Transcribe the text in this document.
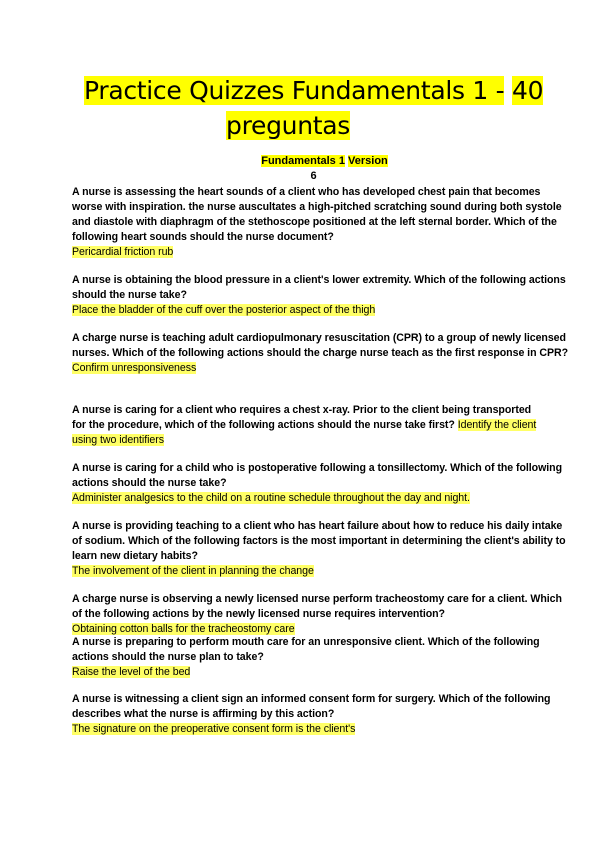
Practice Quizzes Fundamentals 1 - 40
preguntas
Fundamentals 1 Version
6
A nurse is assessing the heart sounds of a client who has developed chest pain that becomes worse with inspiration. the nurse auscultates a high-pitched scratching sound during both systole and diastole with diaphragm of the stethoscope positioned at the left sternal border. Which of the following heart sounds should the nurse document?
Pericardial friction rub
A nurse is obtaining the blood pressure in a client's lower extremity. Which of the following actions should the nurse take?
Place the bladder of the cuff over the posterior aspect of the thigh
A charge nurse is teaching adult cardiopulmonary resuscitation (CPR) to a group of newly licensed nurses. Which of the following actions should the charge nurse teach as the first response in CPR?
Confirm unresponsiveness
A nurse is caring for a client who requires a chest x-ray. Prior to the client being transported for the procedure, which of the following actions should the nurse take first? Identify the client using two identifiers
A nurse is caring for a child who is postoperative following a tonsillectomy. Which of the following actions should the nurse take?
Administer analgesics to the child on a routine schedule throughout the day and night.
A nurse is providing teaching to a client who has heart failure about how to reduce his daily intake of sodium. Which of the following factors is the most important in determining the client's ability to learn new dietary habits?
The involvement of the client in planning the change
A charge nurse is observing a newly licensed nurse perform tracheostomy care for a client. Which of the following actions by the newly licensed nurse requires intervention?
Obtaining cotton balls for the tracheostomy care
A nurse is preparing to perform mouth care for an unresponsive client. Which of the following actions should the nurse plan to take?
Raise the level of the bed
A nurse is witnessing a client sign an informed consent form for surgery. Which of the following describes what the nurse is affirming by this action?
The signature on the preoperative consent form is the client's
